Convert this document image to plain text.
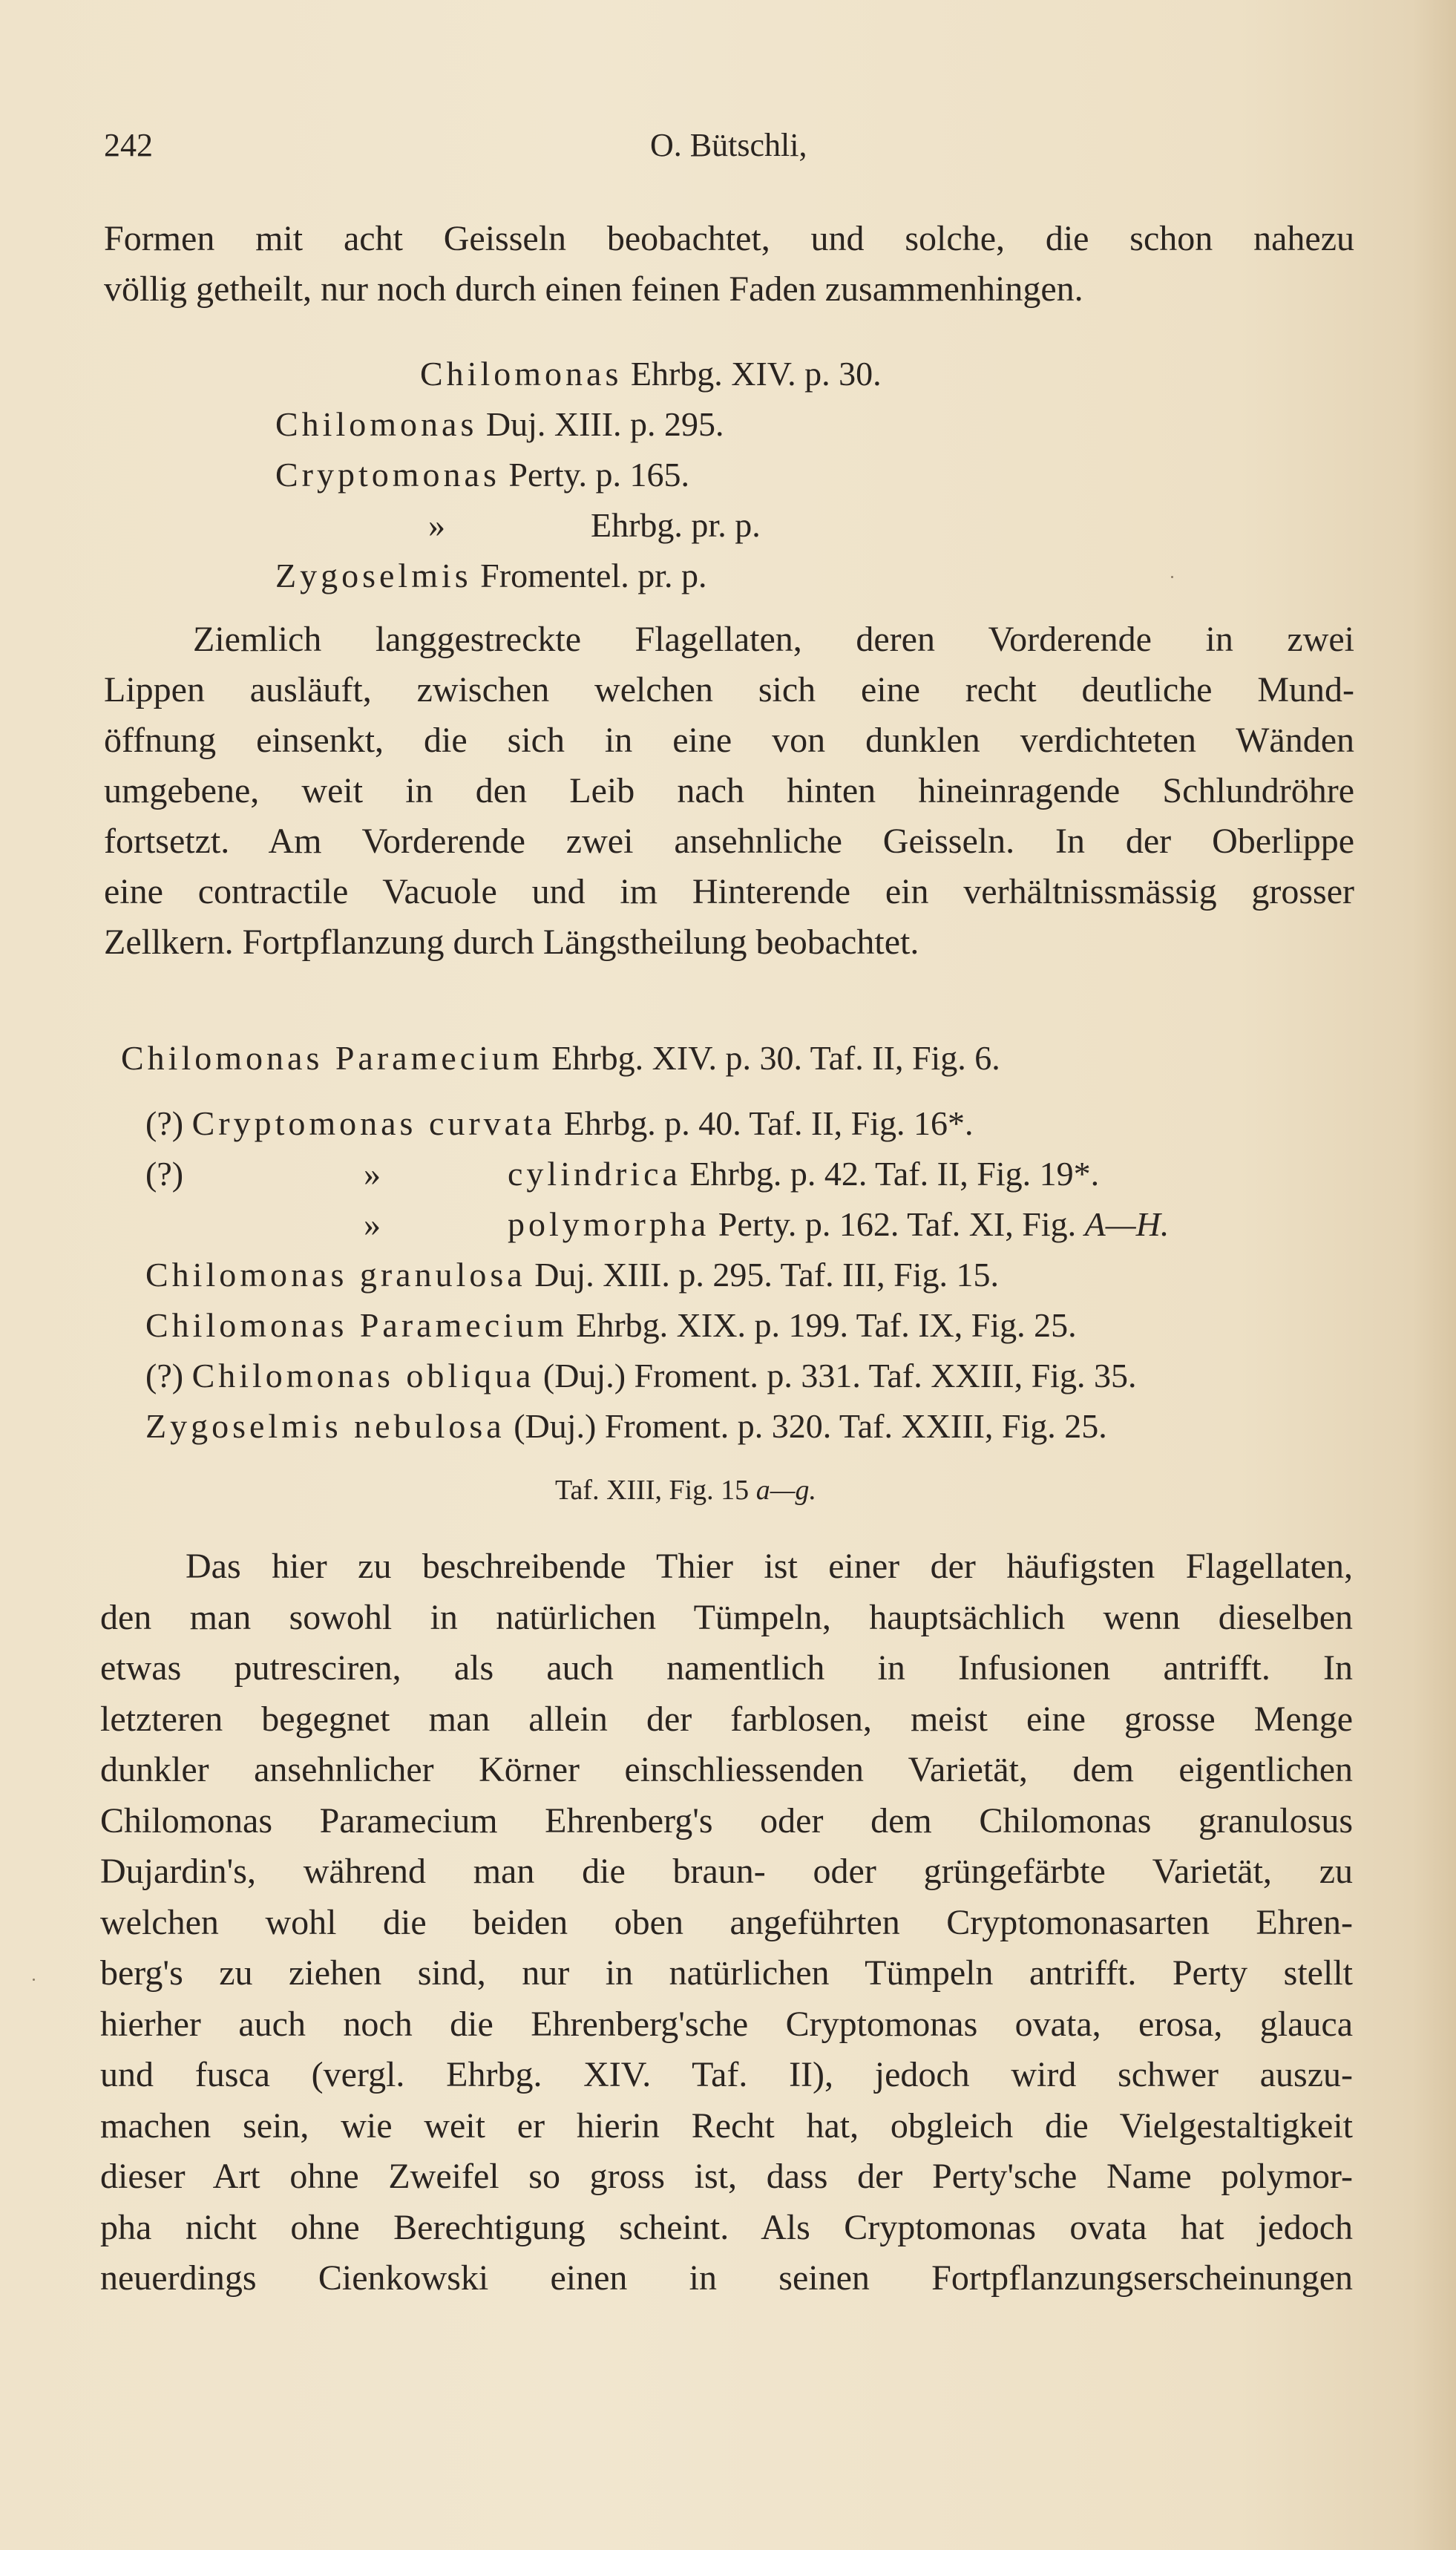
242	O. Bütschli,
Formen mit acht Geisseln beobachtet, und solche, die schon nahezu
völlig getheilt, nur noch durch einen feinen Faden zusammenhingen.
Chilomonas Ehrbg. XIV. p. 30.
Chilomonas Duj. XIII. p. 295.
Cryptomonas Perty. p. 165.
»	Ehrbg. pr. p.
Zygoselmis Fromentel. pr. p.
Ziemlich langgestreckte Flagellaten, deren Vorderende in zwei
Lippen ausläuft, zwischen welchen sich eine recht deutliche Mund-
öffnung einsenkt, die sich in eine von dunklen verdichteten Wänden
umgebene, weit in den Leib nach hinten hineinragende Schlundröhre
fortsetzt. Am Vorderende zwei ansehnliche Geisseln. In der Oberlippe
eine contractile Vacuole und im Hinterende ein verhältnissmässig grosser
Zellkern. Fortpflanzung durch Längstheilung beobachtet.
Chilomonas Paramecium Ehrbg. XIV. p. 30. Taf. II, Fig. 6.
(?) Cryptomonas curvata Ehrbg. p. 40. Taf. II, Fig. 16*.
(?)	»	cylindrica Ehrbg. p. 42. Taf. II, Fig. 19*.
»	polymorpha Perty. p. 162. Taf. XI, Fig. A—H.
Chilomonas granulosa Duj. XIII. p. 295. Taf. III, Fig. 15.
Chilomonas Paramecium Ehrbg. XIX. p. 199. Taf. IX, Fig. 25.
(?) Chilomonas obliqua (Duj.) Froment. p. 331. Taf. XXIII, Fig. 35.
Zygoselmis nebulosa (Duj.) Froment. p. 320. Taf. XXIII, Fig. 25.
Taf. XIII, Fig. 15 a—g.
Das hier zu beschreibende Thier ist einer der häufigsten Flagellaten,
den man sowohl in natürlichen Tümpeln, hauptsächlich wenn dieselben
etwas putresciren, als auch namentlich in Infusionen antrifft. In
letzteren begegnet man allein der farblosen, meist eine grosse Menge
dunkler ansehnlicher Körner einschliessenden Varietät, dem eigentlichen
Chilomonas Paramecium Ehrenberg's oder dem Chilomonas granulosus
Dujardin's, während man die braun- oder grüngefärbte Varietät, zu
welchen wohl die beiden oben angeführten Cryptomonasarten Ehren-
berg's zu ziehen sind, nur in natürlichen Tümpeln antrifft. Perty stellt
hierher auch noch die Ehrenberg'sche Cryptomonas ovata, erosa, glauca
und fusca (vergl. Ehrbg. XIV. Taf. II), jedoch wird schwer auszu-
machen sein, wie weit er hierin Recht hat, obgleich die Vielgestaltigkeit
dieser Art ohne Zweifel so gross ist, dass der Perty'sche Name polymor-
pha nicht ohne Berechtigung scheint. Als Cryptomonas ovata hat jedoch
neuerdings Cienkowski einen in seinen Fortpflanzungserscheinungen
